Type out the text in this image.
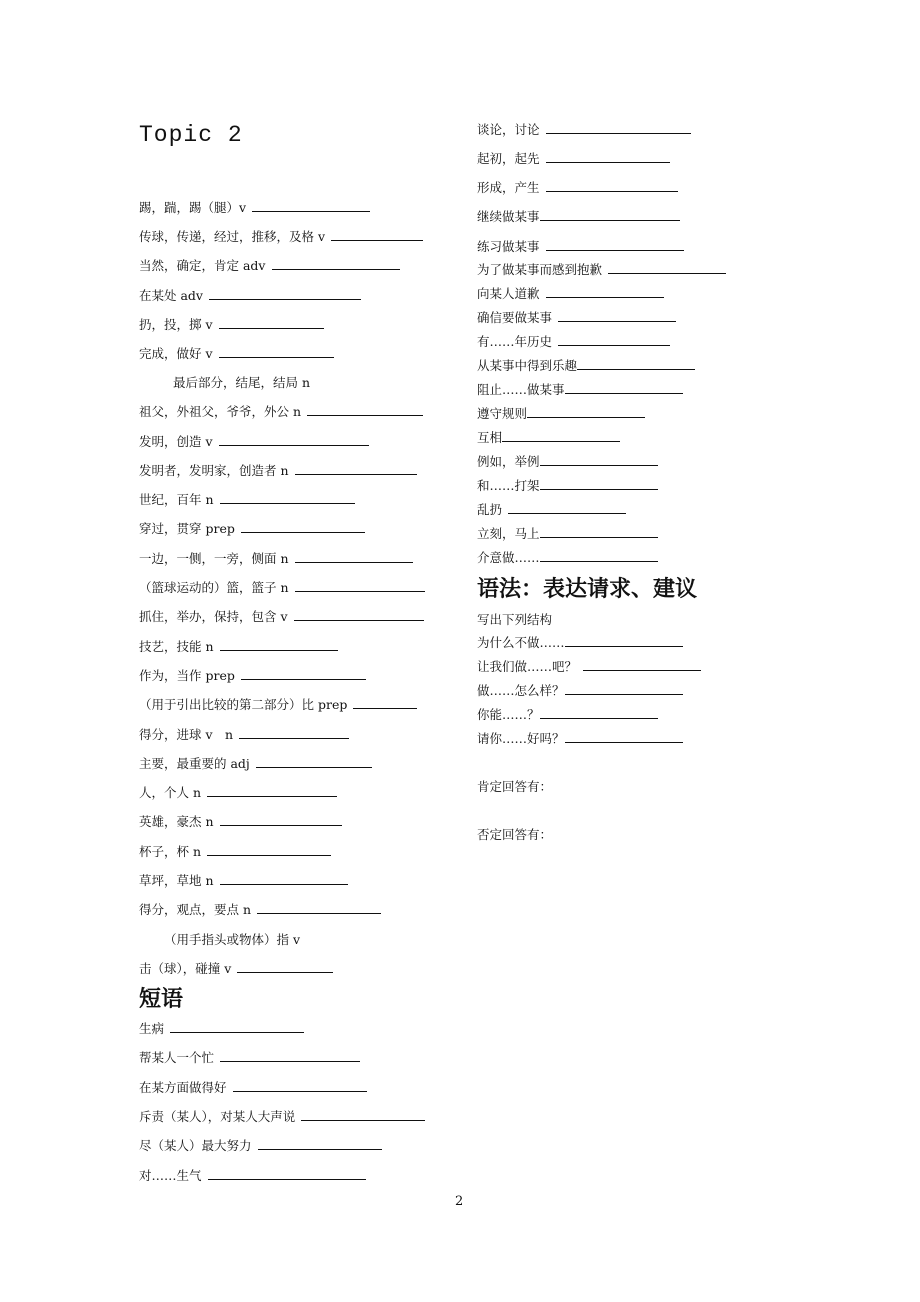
Topic 2
踢，踹，踢（腿）v
传球，传递，经过，推移，及格 v
当然，确定，肯定 adv
在某处 adv
扔，投，掷 v
完成，做好 v
最后部分，结尾，结局 n
祖父，外祖父，爷爷，外公 n
发明，创造 v
发明者，发明家，创造者 n
世纪，百年 n
穿过，贯穿 prep
一边，一侧，一旁，侧面 n
（篮球运动的）篮，篮子 n
抓住，举办，保持，包含 v
技艺，技能 n
作为，当作 prep
（用于引出比较的第二部分）比 prep
得分，进球 v　n
主要，最重要的 adj
人，个人 n
英雄，豪杰 n
杯子，杯 n
草坪，草地 n
得分，观点，要点 n
（用手指头或物体）指 v
击（球），碰撞 v
短语
生病
帮某人一个忙
在某方面做得好
斥责（某人），对某人大声说
尽（某人）最大努力
对……生气
谈论，讨论
起初，起先
形成，产生
继续做某事
练习做某事
为了做某事而感到抱歉
向某人道歉
确信要做某事
有……年历史
从某事中得到乐趣
阻止……做某事
遵守规则
互相
例如，举例
和……打架
乱扔
立刻，马上
介意做……
语法：表达请求、建议
写出下列结构
为什么不做……
让我们做……吧？
做……怎么样？
你能……？
请你……好吗？
肯定回答有：
否定回答有：
2
